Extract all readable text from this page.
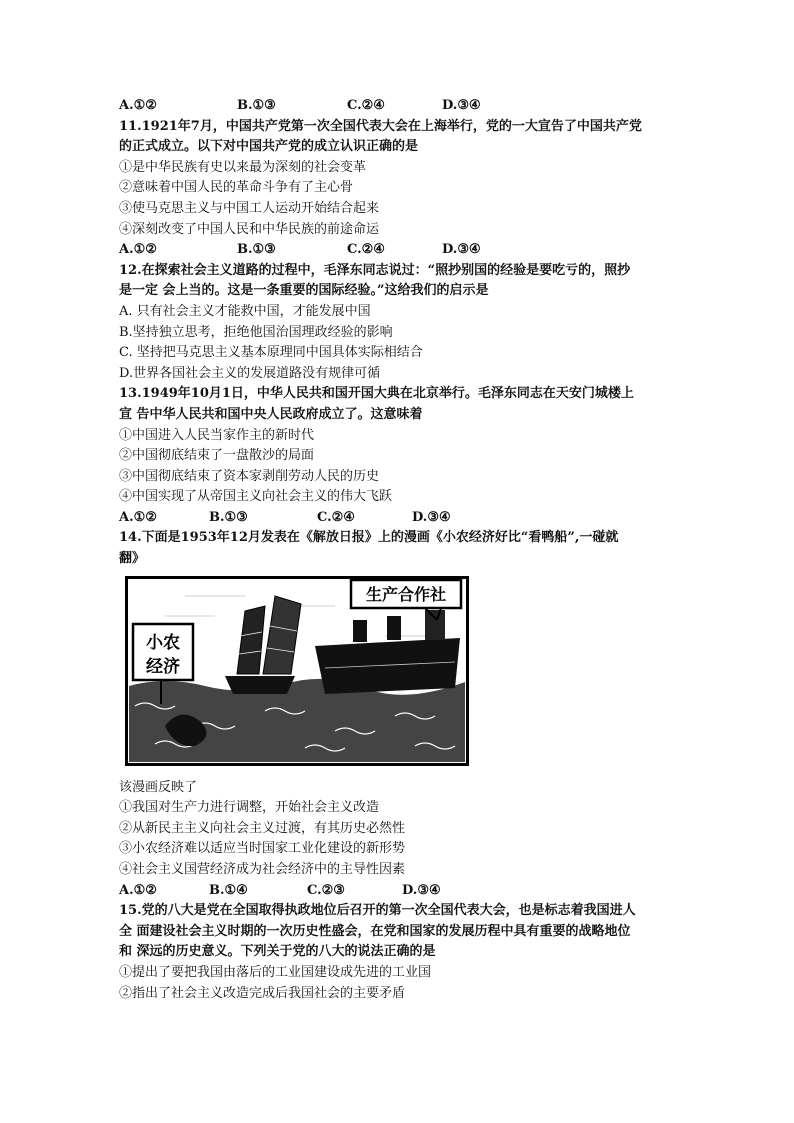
A.①②	B.①③	C.②④	D.③④
11.1921年7月，中国共产党第一次全国代表大会在上海举行，党的一大宣告了中国共产党
的正式成立。以下对中国共产党的成立认识正确的是
①是中华民族有史以来最为深刻的社会变革
②意味着中国人民的革命斗争有了主心骨
③使马克思主义与中国工人运动开始结合起来
④深刻改变了中国人民和中华民族的前途命运
A.①②	B.①③	C.②④	D.③④
12.在探索社会主义道路的过程中，毛泽东同志说过：“照抄别国的经验是要吃亏的，照抄
是一定 会上当的。这是一条重要的国际经验。”这给我们的启示是
A. 只有社会主义才能救中国，才能发展中国
B.坚持独立思考，拒绝他国治国理政经验的影响
C. 坚持把马克思主义基本原理同中国具体实际相结合
D.世界各国社会主义的发展道路没有规律可循
13.1949年10月1日，中华人民共和国开国大典在北京举行。毛泽东同志在天安门城楼上
宣 告中华人民共和国中央人民政府成立了。这意味着
①中国进入人民当家作主的新时代
②中国彻底结束了一盘散沙的局面
③中国彻底结束了资本家剥削劳动人民的历史
④中国实现了从帝国主义向社会主义的伟大飞跃
A.①②	B.①③	C.②④	D.③④
14.下面是1953年12月发表在《解放日报》上的漫画《小农经济好比“看鸭船”,一碰就
翻》
小农
经济
生产合作社
该漫画反映了
①我国对生产力进行调整，开始社会主义改造
②从新民主主义向社会主义过渡，有其历史必然性
③小农经济难以适应当时国家工业化建设的新形势
④社会主义国营经济成为社会经济中的主导性因素
A.①②	B.①④	C.②③	D.③④
15.党的八大是党在全国取得执政地位后召开的第一次全国代表大会，也是标志着我国进人
全 面建设社会主义时期的一次历史性盛会，在党和国家的发展历程中具有重要的战略地位
和 深远的历史意义。下列关于党的八大的说法正确的是
①提出了要把我国由落后的工业国建设成先进的工业国
②指出了社会主义改造完成后我国社会的主要矛盾
